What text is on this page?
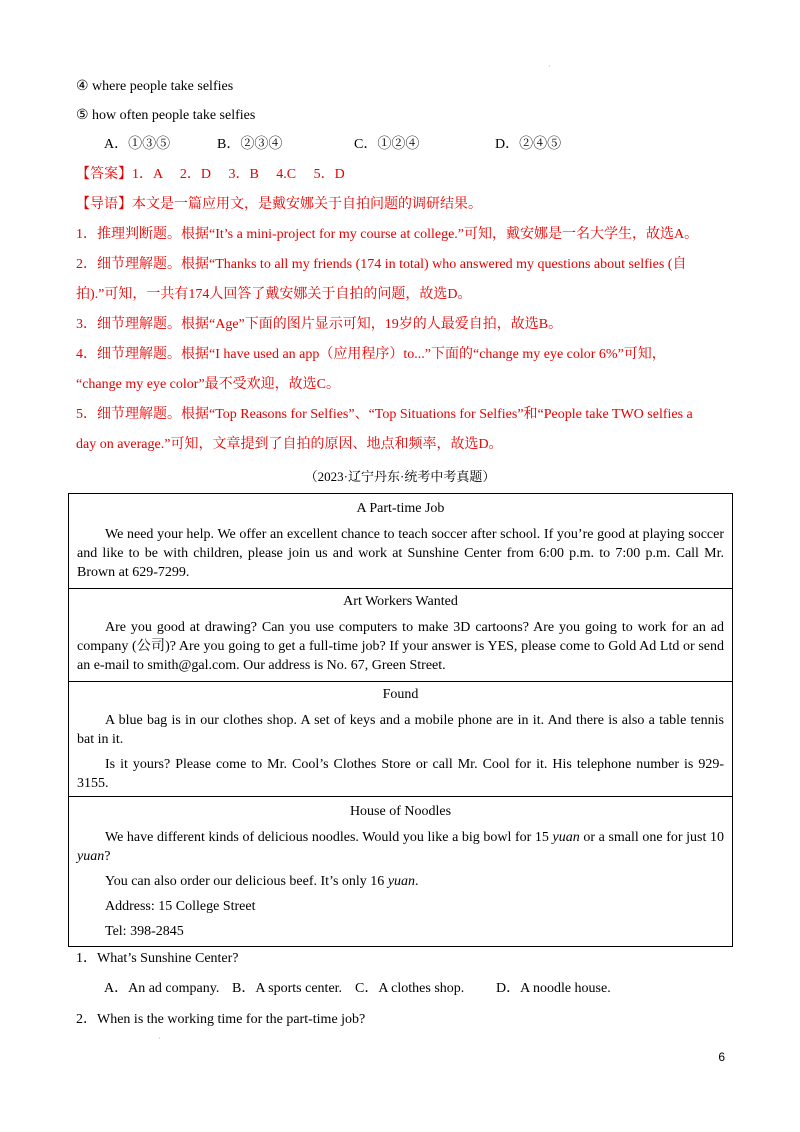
·
④ where people take selfies
⑤ how often people take selfies
A．①③⑤	B．②③④	C．①②④	D．②④⑤
【答案】1．A　 2．D　 3．B　 4.C　 5．D
【导语】本文是一篇应用文，是戴安娜关于自拍问题的调研结果。
1．推理判断题。根据“It’s a mini-project for my course at college.”可知，戴安娜是一名大学生，故选A。
2．细节理解题。根据“Thanks to all my friends (174 in total) who answered my questions about selfies (自
拍).”可知，一共有174人回答了戴安娜关于自拍的问题，故选D。
3．细节理解题。根据“Age”下面的图片显示可知，19岁的人最爱自拍，故选B。
4．细节理解题。根据“I have used an app（应用程序）to...”下面的“change my eye color 6%”可知，
“change my eye color”最不受欢迎，故选C。
5．细节理解题。根据“Top Reasons for Selfies”、“Top Situations for Selfies”和“People take TWO selfies a
day on average.”可知，文章提到了自拍的原因、地点和频率，故选D。
（2023·辽宁丹东·统考中考真题）
A Part-time Job

We need your help. We offer an excellent chance to teach soccer after school. If you’re good at playing soccer and like to be with children, please join us and work at Sunshine Center from 6:00 p.m. to 7:00 p.m. Call Mr. Brown at 629-7299.

Art Workers Wanted

Are you good at drawing? Can you use computers to make 3D cartoons? Are you going to work for an ad company (公司)? Are you going to get a full-time job? If your answer is YES, please come to Gold Ad Ltd or send an e-mail to smith@gal.com. Our address is No. 67, Green Street.

Found

A blue bag is in our clothes shop. A set of keys and a mobile phone are in it. And there is also a table tennis bat in it.

Is it yours? Please come to Mr. Cool’s Clothes Store or call Mr. Cool for it. His telephone number is 929-3155.

House of Noodles

We have different kinds of delicious noodles. Would you like a big bowl for 15 yuan or a small one for just 10 yuan?

You can also order our delicious beef. It’s only 16 yuan.

Address: 15 College Street

Tel: 398-2845

1．What’s Sunshine Center?
A．An ad company. B．A sports center. C．A clothes shop. D．A noodle house.
2．When is the working time for the part-time job?
·
6
